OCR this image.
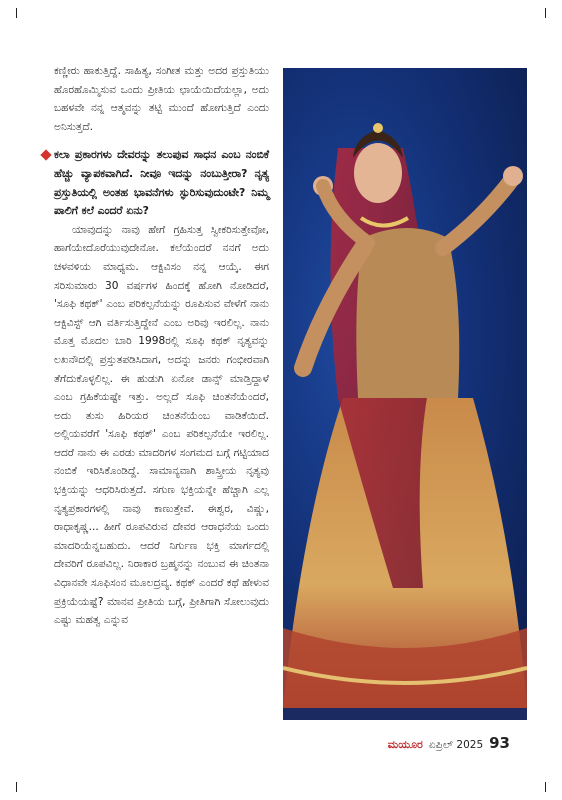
ಕಣ್ಣೀರು ಹಾಕುತ್ತಿದ್ದೆ. ಸಾಹಿತ್ಯ, ಸಂಗೀತ ಮತ್ತು ಅದರ ಪ್ರಸ್ತುತಿಯು ಹೊರಹೊಮ್ಮಿಸುವ ಒಂದು ಪ್ರೀತಿಯ ಛಾಯೆಯಿದೆಯಲ್ಲಾ, ಅದು ಬಹಳವೇ ನನ್ನ ಆತ್ಮವನ್ನು ತಟ್ಟಿ ಮುಂದೆ ಹೋಗುತ್ತಿದೆ ಎಂದು ಅನಿಸುತ್ತದೆ.

ಕಲಾ ಪ್ರಕಾರಗಳು ದೇವರನ್ನು ತಲುಪುವ ಸಾಧನ ಎಂಬ ನಂಬಿಕೆ ಹೆಚ್ಚು ವ್ಯಾಪಕವಾಗಿದೆ. ನೀವೂ ಇದನ್ನು ನಂಬುತ್ತೀರಾ? ನೃತ್ಯ ಪ್ರಸ್ತುತಿಯಲ್ಲಿ ಅಂತಹ ಭಾವನೆಗಳು ಸ್ಫುರಿಸುವುದುಂಟೇ? ನಿಮ್ಮ ಪಾಲಿಗೆ ಕಲೆ ಎಂದರೆ ಏನು?

ಯಾವುದನ್ನು ನಾವು ಹೇಗೆ ಗ್ರಹಿಸುತ್ತ ಸ್ವೀಕರಿಸುತ್ತೇವೋ, ಹಾಗೆಯೇದೊರೆಯುವುದೇನೋ. ಕಲೆಯೆಂದರೆ ನನಗೆ ಅದು ಚಳವಳಿಯ ಮಾಧ್ಯಮ. ಆಕ್ಟಿವಿಸಂ ನನ್ನ ಆಯ್ಕೆ. ಈಗ ಸರಿಸುಮಾರು 30 ವರ್ಷಗಳ ಹಿಂದಕ್ಕೆ ಹೋಗಿ ನೋಡಿದರೆ, 'ಸೂಫಿ ಕಥಕ್' ಎಂಬ ಪರಿಕಲ್ಪನೆಯನ್ನು ರೂಪಿಸುವ ವೇಳೆಗೆ ನಾನು ಆಕ್ಟಿವಿಸ್ಟ್ ಆಗಿ ವರ್ತಿಸುತ್ತಿದ್ದೇನೆ ಎಂಬ ಅರಿವು ಇರಲಿಲ್ಲ. ನಾನು ಮೊತ್ತ ಮೊದಲ ಬಾರಿ 1998ರಲ್ಲಿ ಸೂಫಿ ಕಥಕ್ ನೃತ್ಯವನ್ನು ಲಖನೌದಲ್ಲಿ ಪ್ರಸ್ತುತಪಡಿಸಿದಾಗ, ಅದನ್ನು ಜನರು ಗಂಭೀರವಾಗಿ ತೆಗೆದುಕೊಳ್ಳಲಿಲ್ಲ. ಈ ಹುಡುಗಿ ಏನೋ ಡಾನ್ಸ್ ಮಾಡ್ತಿದ್ದಾಳೆ ಎಂಬ ಗ್ರಹಿಕೆಯಷ್ಟೇ ಇತ್ತು. ಅಲ್ಲದೆ ಸೂಫಿ ಚಿಂತನೆಯೆಂದರೆ, ಅದು ತುಸು ಹಿರಿಯರ ಚಿಂತನೆಯೆಂಬ ವಾಡಿಕೆಯಿದೆ. ಅಲ್ಲಿಯವರೆಗೆ 'ಸೂಫಿ ಕಥಕ್' ಎಂಬ ಪರಿಕಲ್ಪನೆಯೇ ಇರಲಿಲ್ಲ. ಆದರೆ ನಾನು ಈ ಎರಡು ಮಾದರಿಗಳ ಸಂಗಮದ ಬಗ್ಗೆ ಗಟ್ಟಿಯಾದ ನಂಬಿಕೆ ಇರಿಸಿಕೊಂಡಿದ್ದೆ. ಸಾಮಾನ್ಯವಾಗಿ ಶಾಸ್ತ್ರೀಯ ನೃತ್ಯವು ಭಕ್ತಿಯನ್ನು ಆಧರಿಸಿರುತ್ತದೆ. ಸಗುಣ ಭಕ್ತಿಯನ್ನೇ ಹೆಚ್ಚಾಗಿ ಎಲ್ಲ ನೃತ್ಯಪ್ರಕಾರಗಳಲ್ಲಿ ನಾವು ಕಾಣುತ್ತೇವೆ. ಈಶ್ವರ, ವಿಷ್ಣು, ರಾಧಾಕೃಷ್ಣ... ಹೀಗೆ ರೂಪವಿರುವ ದೇವರ ಆರಾಧನೆಯ ಒಂದು ಮಾದರಿಯೆನ್ನಬಹುದು. ಆದರೆ ನಿರ್ಗುಣ ಭಕ್ತಿ ಮಾರ್ಗದಲ್ಲಿ ದೇವರಿಗೆ ರೂಪವಿಲ್ಲ. ನಿರಾಕಾರ ಬ್ರಹ್ಮನನ್ನು ನಂಬುವ ಈ ಚಿಂತನಾ ವಿಧಾನವೇ ಸೂಫಿಸಂನ ಮೂಲದ್ರವ್ಯ. ಕಥಕ್ ಎಂದರೆ ಕಥೆ ಹೇಳುವ ಪ್ರಕ್ರಿಯೆಯಷ್ಟೆ? ಮಾನವ ಪ್ರೀತಿಯ ಬಗ್ಗೆ, ಪ್ರೀತಿಗಾಗಿ ಸೋಲುವುದು ಎಷ್ಟು ಮಹತ್ವ ಎನ್ನುವ

ಮಯೂರ ಏಪ್ರಿಲ್ 2025 93
